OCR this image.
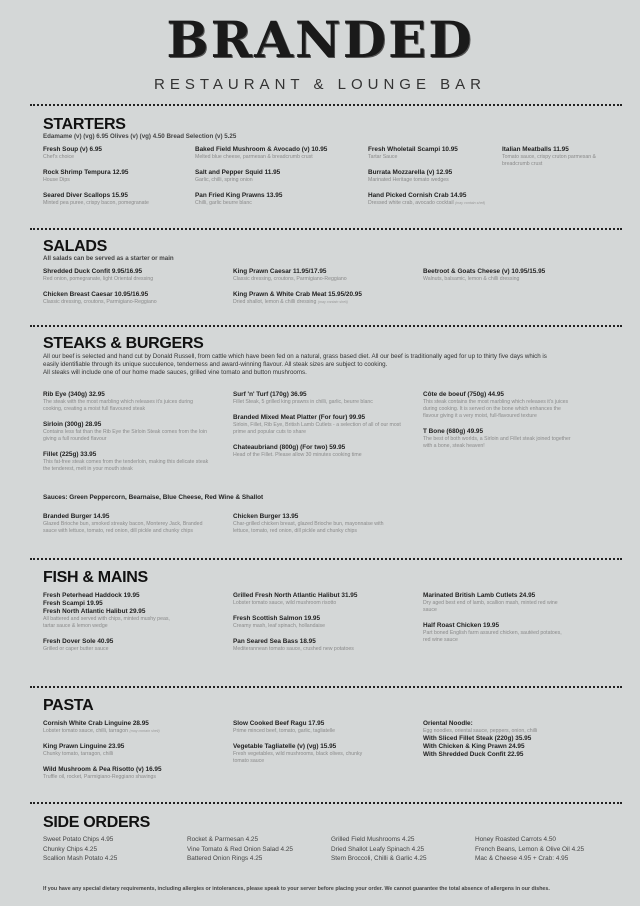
BRANDED
RESTAURANT & LOUNGE BAR
STARTERS
Edamame (v) (vg) 6.95 Olives (v) (vg) 4.50 Bread Selection (v) 5.25
Fresh Soup (v) 6.95
Chef's choice
Rock Shrimp Tempura 12.95
House Dips
Seared Diver Scallops 15.95
Minted pea puree, crispy bacon, pomegranate
Baked Field Mushroom & Avocado (v) 10.95
Melted blue cheese, parmesan & breadcrumb crust
Salt and Pepper Squid 11.95
Garlic, chilli, spring onion
Pan Fried King Prawns 13.95
Chilli, garlic beurre blanc
Fresh Wholetail Scampi 10.95
Tartar Sauce
Burrata Mozzarella (v) 12.95
Marinated Heritage tomato wedges
Hand Picked Cornish Crab 14.95
Dressed white crab, avocado cocktail (may contain shell)
Italian Meatballs 11.95
Tomato sauce, crispy cruton parmesan & breadcrumb crust
SALADS
All salads can be served as a starter or main
Shredded Duck Confit 9.95/16.95
Red onion, pomegranate, light Oriental dressing
Chicken Breast Caesar 10.95/16.95
Classic dressing, croutons, Parmigiano-Reggiano
King Prawn Caesar 11.95/17.95
Classic dressing, croutons, Parmigiano-Reggiano
King Prawn & White Crab Meat 15.95/20.95
Dried shallot, lemon & chilli dressing (may contain shell)
Beetroot & Goats Cheese (v) 10.95/15.95
Walnuts, balsamic, lemon & chilli dressing
STEAKS & BURGERS
All our beef is selected and hand cut by Donald Russell, from cattle which have been fed on a natural, grass based diet. All our beef is traditionally aged for up to thirty five days which is easily identifiable through its unique succulence, tenderness and award-winning flavour. All steak sizes are subject to cooking.
All steaks will include one of our home made sauces, grilled vine tomato and button mushrooms.
Rib Eye (340g) 32.95
The steak with the most marbling which releases it's juices during cooking, creating a moist full flavoured steak
Sirloin (300g) 28.95
Contains less fat than the Rib Eye the Sirloin Steak comes from the loin giving a full rounded flavour
Fillet (225g) 33.95
This fat-free steak comes from the tenderloin, making this delicate steak the tenderest, melt in your mouth steak
Surf 'n' Turf (170g) 36.95
Fillet Steak, 5 grilled king prawns in chilli, garlic, beurre blanc
Branded Mixed Meat Platter (For four) 99.95
Sirloin, Fillet, Rib Eye, British Lamb Cutlets - a selection of all of our most prime and popular cuts to share
Chateaubriand (800g) (For two) 59.95
Head of the Fillet. Please allow 30 minutes cooking time
Côte de boeuf (750g) 44.95
This steak contains the most marbling which releases it's juices during cooking. It is served on the bone which enhances the flavour giving it a very moist, full-flavoured texture
T Bone (680g) 49.95
The best of both worlds, a Sirloin and Fillet steak joined together with a bone, steak heaven!
Sauces: Green Peppercorn, Bearnaise, Blue Cheese, Red Wine & Shallot
Branded Burger 14.95
Glazed Brioche bun, smoked streaky bacon, Monterey Jack, Branded sauce with lettuce, tomato, red onion, dill pickle and chunky chips
Chicken Burger 13.95
Char-grilled chicken breast, glazed Brioche bun, mayonnaise with lettuce, tomato, red onion, dill pickle and chunky chips
FISH & MAINS
Fresh Peterhead Haddock 19.95
Fresh Scampi 19.95
Fresh North Atlantic Halibut 29.95
All battered and served with chips, minted mushy peas, tartar sauce & lemon wedge
Fresh Dover Sole 40.95
Grilled or caper butter sauce
Grilled Fresh North Atlantic Halibut 31.95
Lobster tomato sauce, wild mushroom risotto
Fresh Scottish Salmon 19.95
Creamy mash, leaf spinach, hollandaise
Pan Seared Sea Bass 18.95
Mediterannean tomato sauce, crushed new potatoes
Marinated British Lamb Cutlets 24.95
Dry aged best end of lamb, scallion mash, minted red wine sauce
Half Roast Chicken 19.95
Part boned English farm assured chicken, sautéed potatoes, red wine sauce
PASTA
Cornish White Crab Linguine 28.95
Lobster tomato sauce, chilli, tarragon (may contain shell)
King Prawn Linguine 23.95
Chunky tomato, tarragon, chilli
Wild Mushroom & Pea Risotto (v) 16.95
Truffle oil, rocket, Parmigiano-Reggiano shavings
Slow Cooked Beef Ragu 17.95
Prime minced beef, tomato, garlic, tagliatelle
Vegetable Tagliatelle (v) (vg) 15.95
Fresh vegetables, wild mushrooms, black olives, chunky tomato sauce
Oriental Noodle:
Egg noodles, oriental sauce, peppers, onion, chilli
With Sliced Fillet Steak (220g) 35.95
With Chicken & King Prawn 24.95
With Shredded Duck Confit 22.95
SIDE ORDERS
Sweet Potato Chips 4.95
Chunky Chips 4.25
Scallion Mash Potato 4.25
Rocket & Parmesan 4.25
Vine Tomato & Red Onion Salad 4.25
Battered Onion Rings 4.25
Grilled Field Mushrooms 4.25
Dried Shallot Leafy Spinach 4.25
Stem Broccoli, Chilli & Garlic 4.25
Honey Roasted Carrots 4.50
French Beans, Lemon & Olive Oil 4.25
Mac & Cheese 4.95 + Crab: 4.95
If you have any special dietary requirements, including allergies or intolerances, please speak to your server before placing your order. We cannot guarantee the total absence of allergens in our dishes.
